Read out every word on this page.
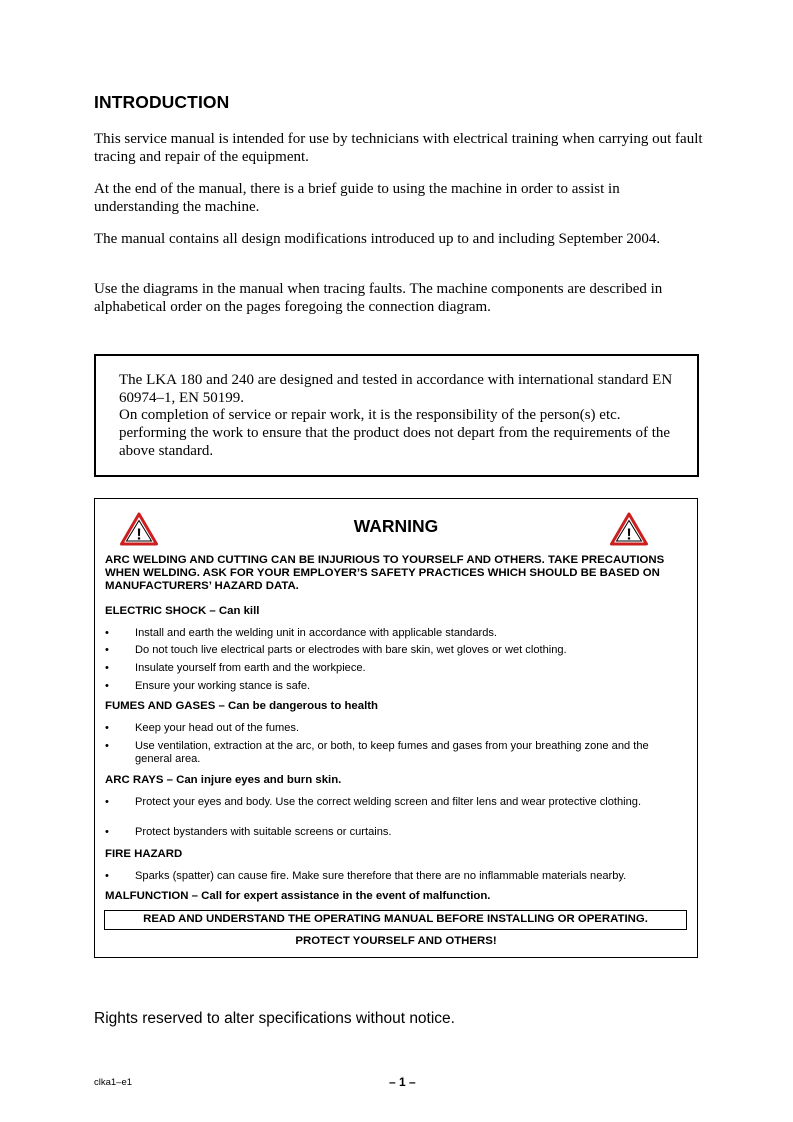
INTRODUCTION
This service manual is intended for use by technicians with electrical training when carrying out fault tracing and repair of the equipment.
At the end of the manual, there is a brief guide to using the machine in order to assist in understanding the machine.
The manual contains all design modifications introduced up to and including September 2004.
Use the diagrams in the manual when tracing faults. The machine components are described in alphabetical order on the pages foregoing the connection diagram.
The LKA 180 and 240 are designed and tested in accordance with international standard EN 60974–1, EN 50199.
On completion of service or repair work, it is the responsibility of the person(s) etc. performing the work to ensure that the product does not depart from the requirements of the above standard.
!	WARNING	!
ARC WELDING AND CUTTING CAN BE INJURIOUS TO YOURSELF AND OTHERS. TAKE PRECAUTIONS WHEN WELDING. ASK FOR YOUR EMPLOYER’S SAFETY PRACTICES WHICH SHOULD BE BASED ON MANUFACTURERS’ HAZARD DATA.
ELECTRIC SHOCK – Can kill
• Install and earth the welding unit in accordance with applicable standards.
• Do not touch live electrical parts or electrodes with bare skin, wet gloves or wet clothing.
• Insulate yourself from earth and the workpiece.
• Ensure your working stance is safe.
FUMES AND GASES – Can be dangerous to health
• Keep your head out of the fumes.
• Use ventilation, extraction at the arc, or both, to keep fumes and gases from your breathing zone and the general area.
ARC RAYS – Can injure eyes and burn skin.
• Protect your eyes and body. Use the correct welding screen and filter lens and wear protective clothing.
• Protect bystanders with suitable screens or curtains.
FIRE HAZARD
• Sparks (spatter) can cause fire. Make sure therefore that there are no inflammable materials nearby.
MALFUNCTION – Call for expert assistance in the event of malfunction.
READ AND UNDERSTAND THE OPERATING MANUAL BEFORE INSTALLING OR OPERATING.
PROTECT YOURSELF AND OTHERS!
Rights reserved to alter specifications without notice.
clka1–e1	– 1 –
